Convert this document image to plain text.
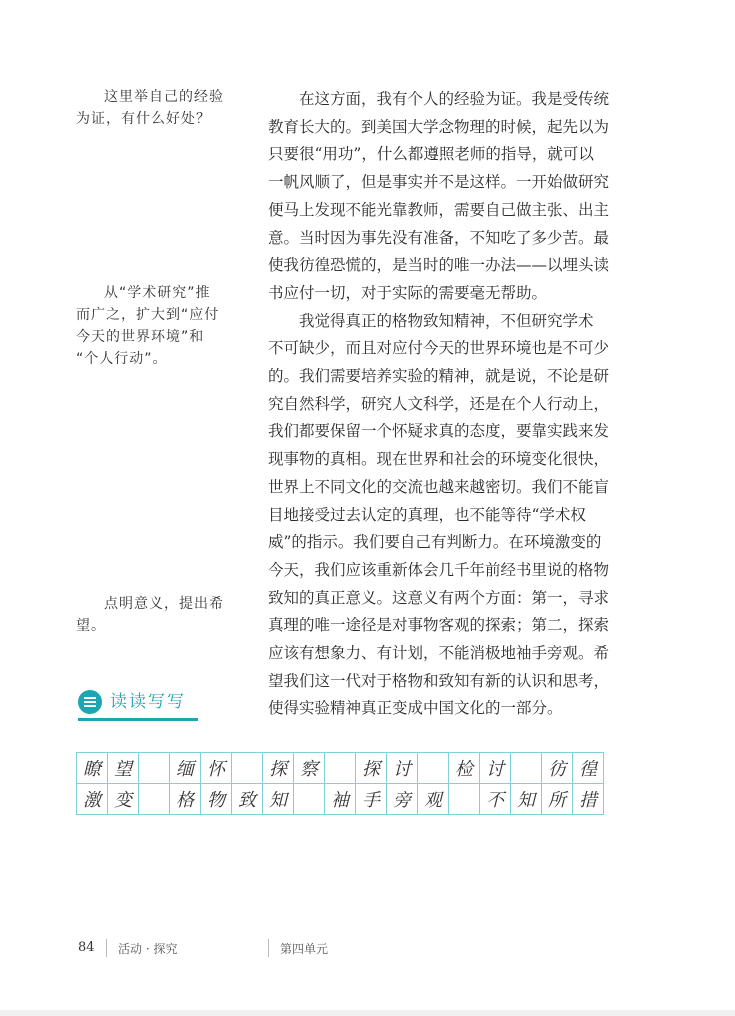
这里举自己的经验
为证，有什么好处？
从“学术研究”推
而广之，扩大到“应付
今天的世界环境”和
“个人行动”。
点明意义，提出希
望。
在这方面，我有个人的经验为证。我是受传统
教育长大的。到美国大学念物理的时候，起先以为
只要很“用功”，什么都遵照老师的指导，就可以
一帆风顺了，但是事实并不是这样。一开始做研究
便马上发现不能光靠教师，需要自己做主张、出主
意。当时因为事先没有准备，不知吃了多少苦。最
使我彷徨恐慌的，是当时的唯一办法——以埋头读
书应付一切，对于实际的需要毫无帮助。
我觉得真正的格物致知精神，不但研究学术
不可缺少，而且对应付今天的世界环境也是不可少
的。我们需要培养实验的精神，就是说，不论是研
究自然科学，研究人文科学，还是在个人行动上，
我们都要保留一个怀疑求真的态度，要靠实践来发
现事物的真相。现在世界和社会的环境变化很快，
世界上不同文化的交流也越来越密切。我们不能盲
目地接受过去认定的真理，也不能等待“学术权
威”的指示。我们要自己有判断力。在环境激变的
今天，我们应该重新体会几千年前经书里说的格物
致知的真正意义。这意义有两个方面：第一，寻求
真理的唯一途径是对事物客观的探索；第二，探索
应该有想象力、有计划，不能消极地袖手旁观。希
望我们这一代对于格物和致知有新的认识和思考，
使得实验精神真正变成中国文化的一部分。
读读写写
瞭	望		缅	怀		探	察		探	讨		检	讨		彷	徨
激	变		格	物	致	知		袖	手	旁	观		不	知	所	措
84 活动 · 探究	第四单元
